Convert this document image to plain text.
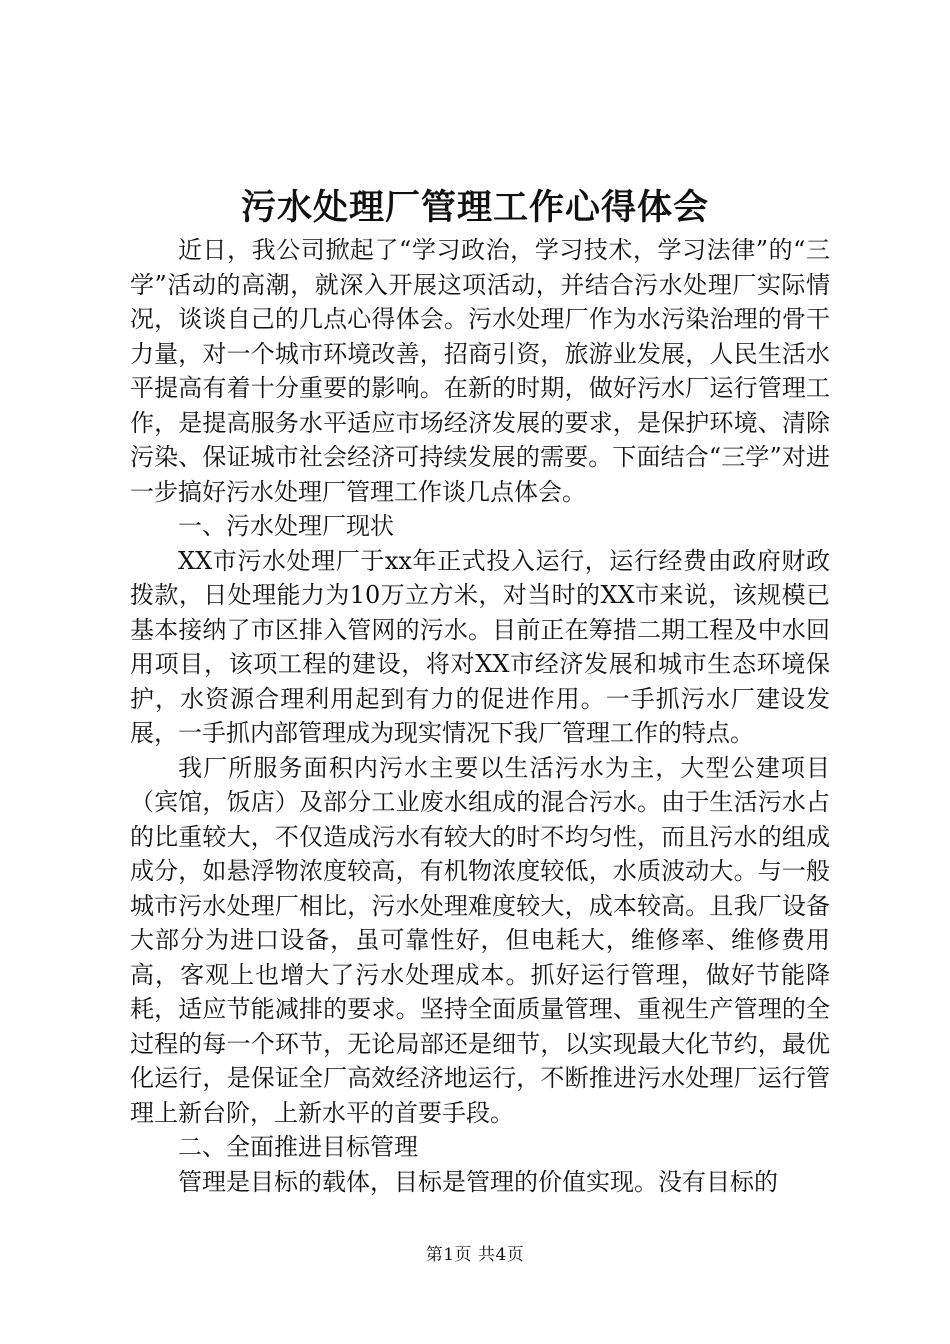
污水处理厂管理工作心得体会

近日，我公司掀起了“学习政治，学习技术，学习法律”的“三学”活动的高潮，就深入开展这项活动，并结合污水处理厂实际情况，谈谈自己的几点心得体会。污水处理厂作为水污染治理的骨干力量，对一个城市环境改善，招商引资，旅游业发展，人民生活水平提高有着十分重要的影响。在新的时期，做好污水厂运行管理工作，是提高服务水平适应市场经济发展的要求，是保护环境、清除污染、保证城市社会经济可持续发展的需要。下面结合“三学”对进一步搞好污水处理厂管理工作谈几点体会。

一、污水处理厂现状

XX市污水处理厂于xx年正式投入运行，运行经费由政府财政拨款，日处理能力为10万立方米，对当时的XX市来说，该规模已基本接纳了市区排入管网的污水。目前正在筹措二期工程及中水回用项目，该项工程的建设，将对XX市经济发展和城市生态环境保护，水资源合理利用起到有力的促进作用。一手抓污水厂建设发展，一手抓内部管理成为现实情况下我厂管理工作的特点。

我厂所服务面积内污水主要以生活污水为主，大型公建项目（宾馆，饭店）及部分工业废水组成的混合污水。由于生活污水占的比重较大，不仅造成污水有较大的时不均匀性，而且污水的组成成分，如悬浮物浓度较高，有机物浓度较低，水质波动大。与一般城市污水处理厂相比，污水处理难度较大，成本较高。且我厂设备大部分为进口设备，虽可靠性好，但电耗大，维修率、维修费用高，客观上也增大了污水处理成本。抓好运行管理，做好节能降耗，适应节能减排的要求。坚持全面质量管理、重视生产管理的全过程的每一个环节，无论局部还是细节，以实现最大化节约，最优化运行，是保证全厂高效经济地运行，不断推进污水处理厂运行管理上新台阶，上新水平的首要手段。

二、全面推进目标管理

管理是目标的载体，目标是管理的价值实现。没有目标的

第1页 共4页
